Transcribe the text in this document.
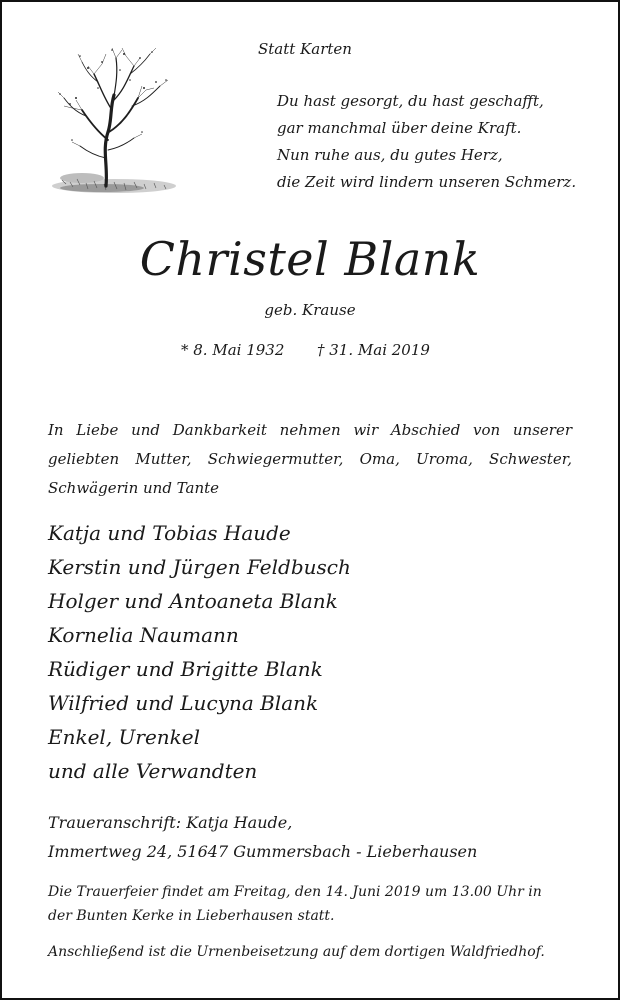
Statt Karten
Du hast gesorgt, du hast geschafft,
gar manchmal über deine Kraft.
Nun ruhe aus, du gutes Herz,
die Zeit wird lindern unseren Schmerz.
Christel Blank
geb. Krause
* 8. Mai 1932 † 31. Mai 2019
In Liebe und Dankbarkeit nehmen wir Abschied von unserer
geliebten Mutter, Schwiegermutter, Oma, Uroma, Schwester,
Schwägerin und Tante
Katja und Tobias Haude
Kerstin und Jürgen Feldbusch
Holger und Antoaneta Blank
Kornelia Naumann
Rüdiger und Brigitte Blank
Wilfried und Lucyna Blank
Enkel, Urenkel
und alle Verwandten
Traueranschrift: Katja Haude,
Immertweg 24, 51647 Gummersbach - Lieberhausen
Die Trauerfeier findet am Freitag, den 14. Juni 2019 um 13.00 Uhr in
der Bunten Kerke in Lieberhausen statt.
Anschließend ist die Urnenbeisetzung auf dem dortigen Waldfriedhof.
